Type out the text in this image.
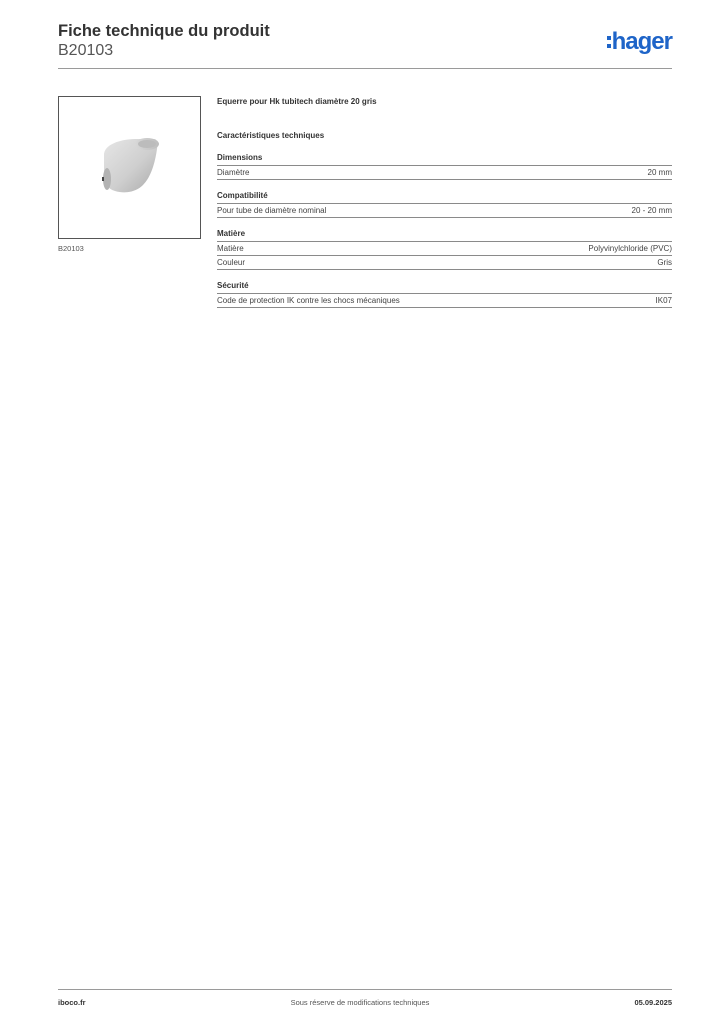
Fiche technique du produit
B20103	hager
B20103
Equerre pour Hk tubitech diamètre 20 gris
Caractéristiques techniques
Dimensions
Diamètre	20 mm
Compatibilité
Pour tube de diamètre nominal	20 - 20 mm
Matière
Matière	Polyvinylchloride (PVC)
Couleur	Gris
Sécurité
Code de protection IK contre les chocs mécaniques	IK07
iboco.fr	Sous réserve de modifications techniques	05.09.2025
